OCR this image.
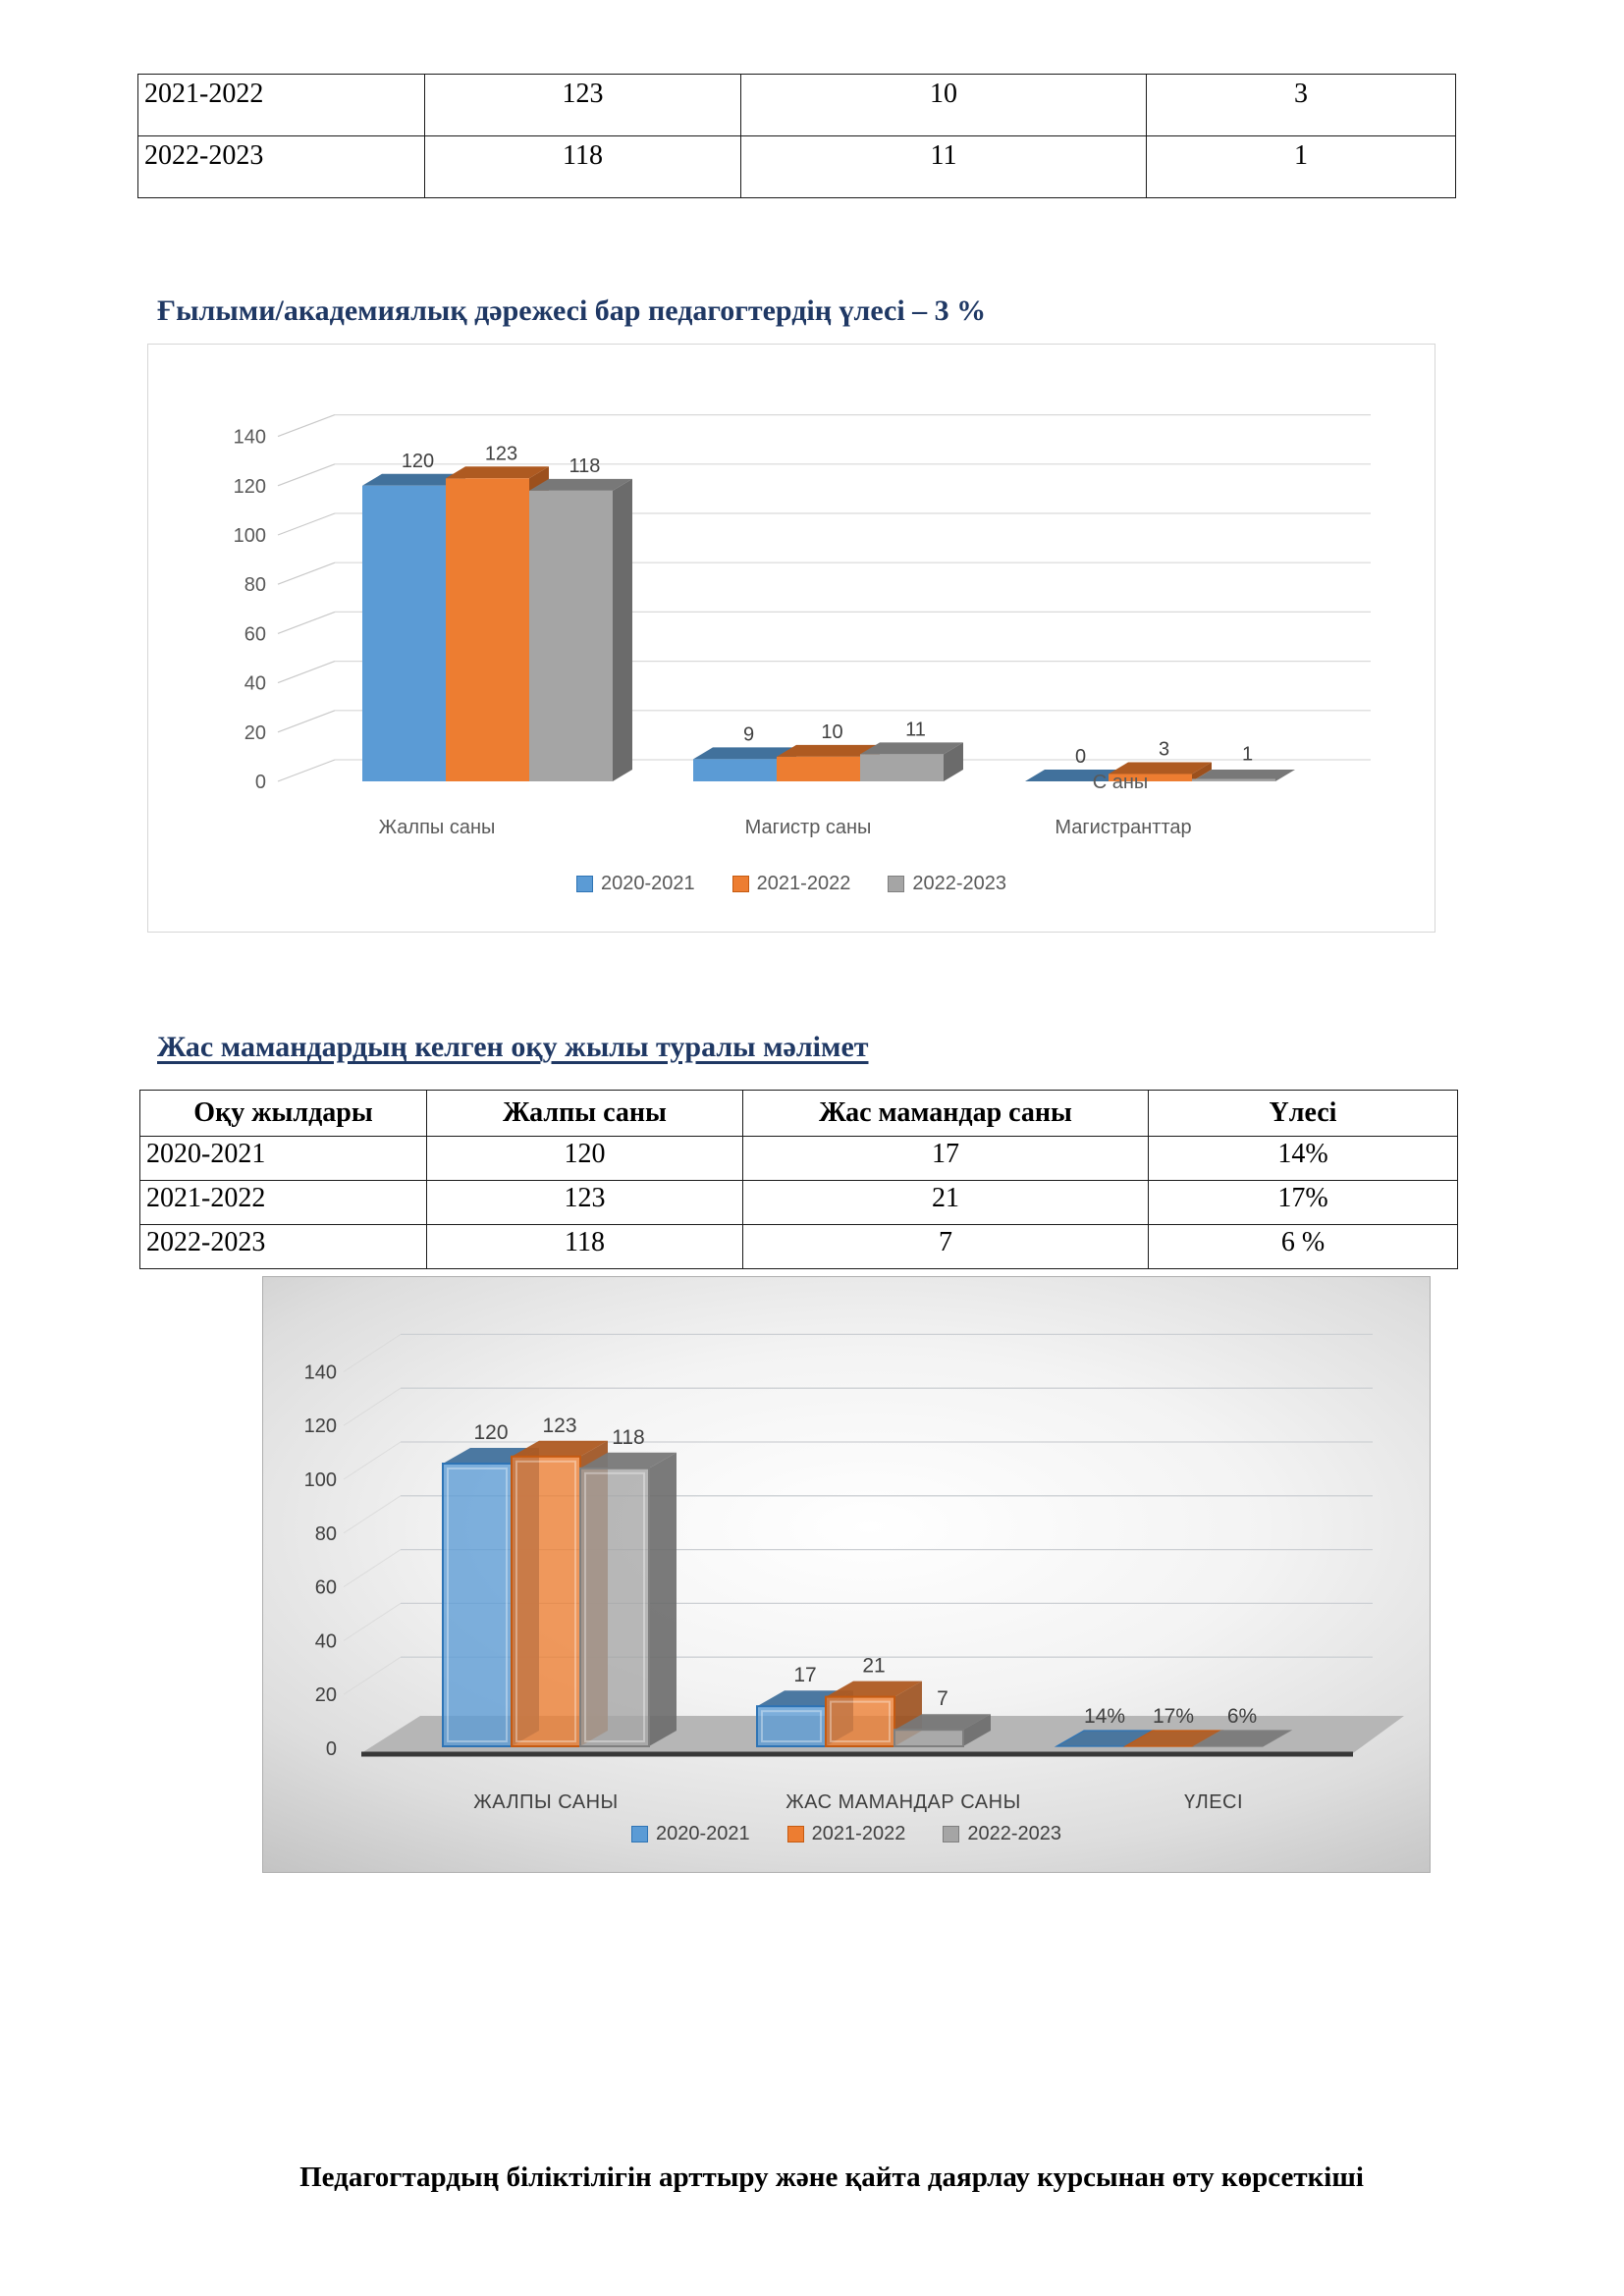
2021-2022	123	10	3
2022-2023	118	11	1
Ғылыми/академиялық дәрежесі бар педагогтердің үлесі – 3 %
0
20
40
60
80
100
120
140
120	123
118
9	10	11
0	3	1
Жалпы саны	Магистр саны	Магистранттар
С аны
2020-2021	2021-2022	2022-2023
Жас мамандардың келген оқу жылы туралы мәлімет
Оқу жылдары	Жалпы саны	Жас мамандар саны	Үлесі
2020-2021	120	17	14%
2021-2022	123	21	17%
2022-2023	118	7	6 %
0
20
40
60
80
100
120
140
120 123
118
17 21
7
14% 17% 6%
ЖАЛПЫ САНЫ	ЖАС МАМАНДАР САНЫ	ҮЛЕСІ
2020-2021	2021-2022	2022-2023
Педагогтардың біліктілігін арттыру және қайта даярлау курсынан өту көрсеткіші
